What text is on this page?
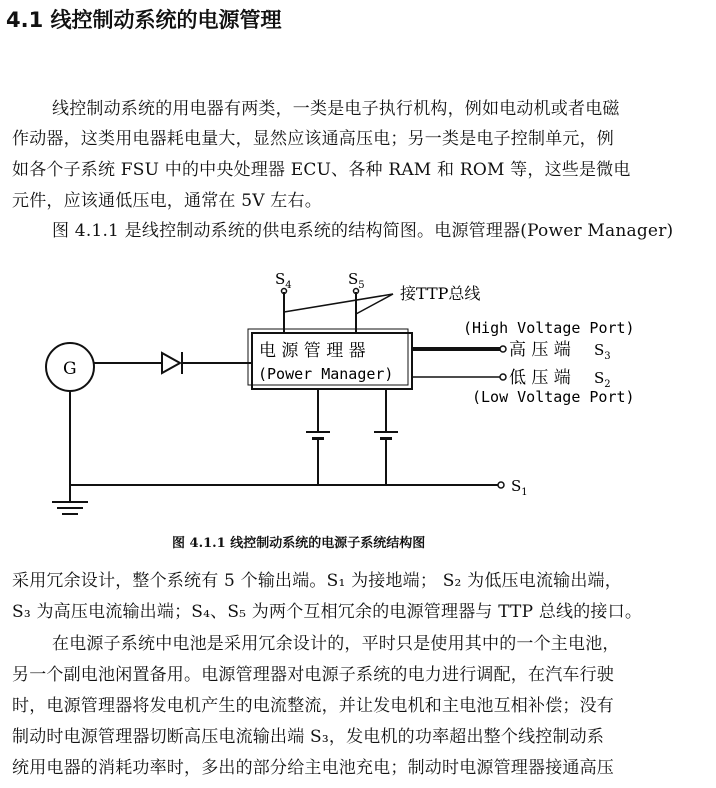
4.1 线控制动系统的电源管理
线控制动系统的用电器有两类，一类是电子执行机构，例如电动机或者电磁
作动器，这类用电器耗电量大，显然应该通高压电；另一类是电子控制单元，例
如各个子系统 FSU 中的中央处理器 ECU、各种 RAM 和 ROM 等，这些是微电
元件，应该通低压电，通常在 5V 左右。
图 4.1.1 是线控制动系统的供电系统的结构简图。电源管理器(Power Manager)
G
电 源 管 理 器
(Power Manager)
$S_4$	$S_5$ 接TTP总线
(High Voltage Port)
高 压 端 $S_3$
低 压 端 $S_2$
(Low Voltage Port)
$S_1$
图 4.1.1 线控制动系统的电源子系统结构图
采用冗余设计，整个系统有 5 个输出端。S₁ 为接地端； S₂ 为低压电流输出端，
S₃ 为高压电流输出端；S₄、S₅ 为两个互相冗余的电源管理器与 TTP 总线的接口。
在电源子系统中电池是采用冗余设计的，平时只是使用其中的一个主电池，
另一个副电池闲置备用。电源管理器对电源子系统的电力进行调配，在汽车行驶
时，电源管理器将发电机产生的电流整流，并让发电机和主电池互相补偿；没有
制动时电源管理器切断高压电流输出端 S₃，发电机的功率超出整个线控制动系
统用电器的消耗功率时，多出的部分给主电池充电；制动时电源管理器接通高压
